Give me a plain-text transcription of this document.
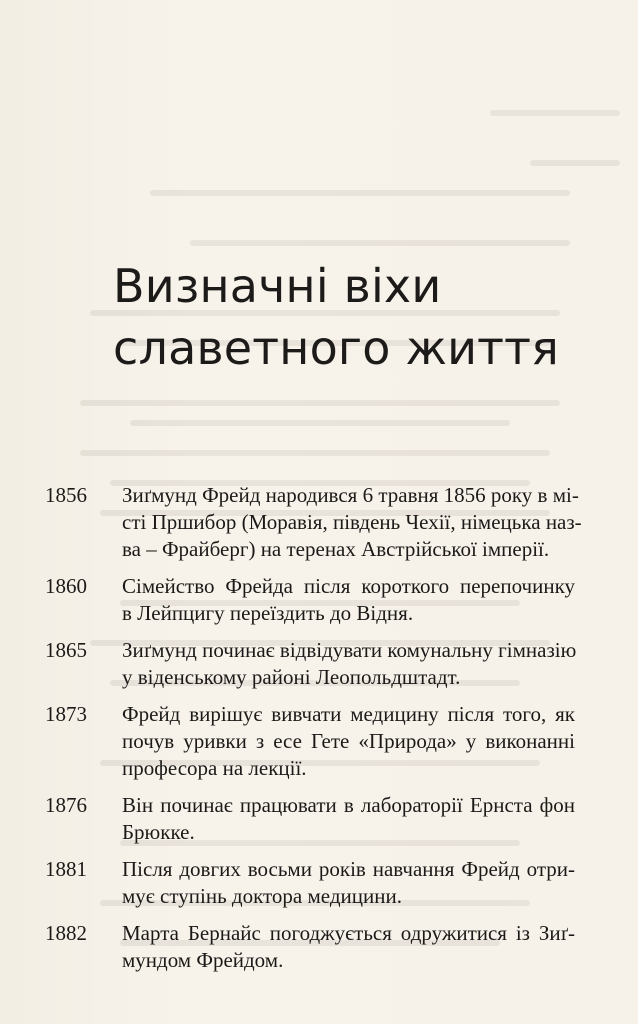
Визначні віхи
славетного життя
1856	Зиґмунд Фрейд народився 6 травня 1856 року в мі-
сті Пршибор (Моравія, південь Чехії, німецька наз-
ва – Фрайберг) на теренах Австрійської імперії.
1860	Сімейство Фрейда після короткого перепочинку
в Лейпцигу переїздить до Відня.
1865	Зиґмунд починає відвідувати комунальну гімназію
у віденському районі Леопольдштадт.
1873	Фрейд вирішує вивчати медицину після того, як
почув уривки з есе Гете «Природа» у виконанні
професора на лекції.
1876	Він починає працювати в лабораторії Ернста фон
Брюкке.
1881	Після довгих восьми років навчання Фрейд отри-
мує ступінь доктора медицини.
1882	Марта Бернайс погоджується одружитися із Зиґ-
мундом Фрейдом.
